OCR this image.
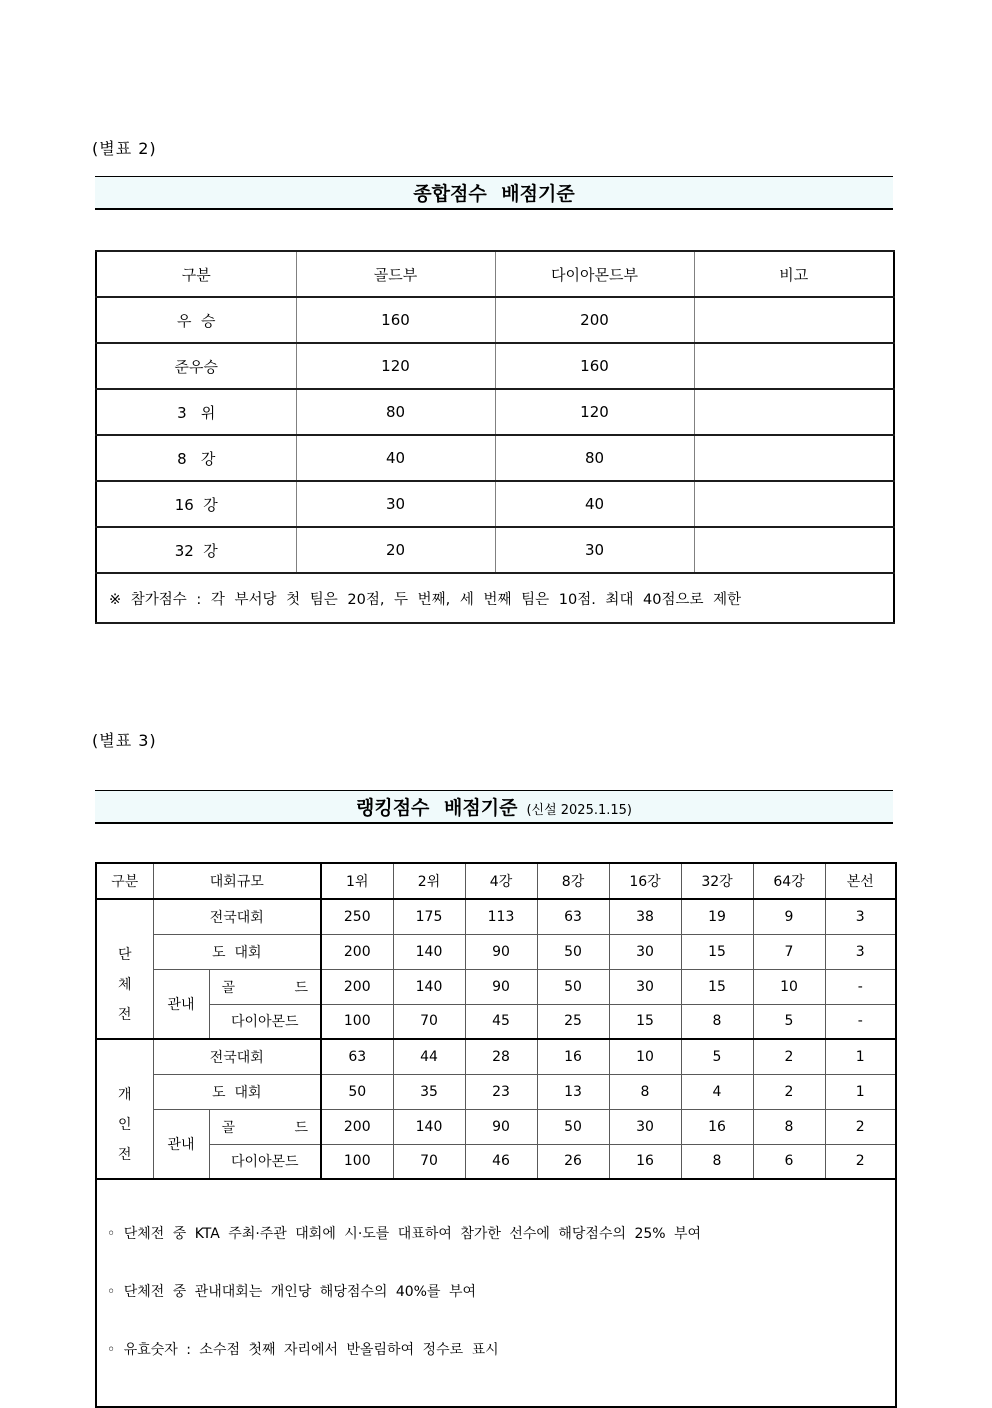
(별표 2)
종합점수 배점기준
구분	골드부	다이아몬드부	비고
우  승	160	200	
준우승	120	160	
3   위	80	120	
8   강	40	80	
16  강	30	40	
32  강	20	30	
※ 참가점수 : 각 부서당 첫 팀은 20점, 두 번째, 세 번째 팀은 10점. 최대 40점으로 제한			
(별표 3)
랭킹점수 배점기준 (신설 2025.1.15)
구분	대회규모		1위	2위	4강	8강	16강	32강	64강	본선

단체전	전국대회		250	175	113	63	38	19	9	3
	도  대회		200	140	90	50	30	15	7	3
	관내	골 드	200	140	90	50	30	15	10	-
		다이아몬드	100	70	45	25	15	8	5	-

개인전	전국대회		63	44	28	16	10	5	2	1
	도  대회		50	35	23	13	8	4	2	1
	관내	골 드	200	140	90	50	30	16	8	2
		다이아몬드	100	70	46	26	16	8	6	2

◦ 단체전 중 KTA 주최·주관 대회에 시·도를 대표하여 참가한 선수에 해당점수의 25% 부여

◦ 단체전 중 관내대회는 개인당 해당점수의 40%를 부여

◦ 유효숫자 : 소수점 첫째 자리에서 반올림하여 정수로 표시										
